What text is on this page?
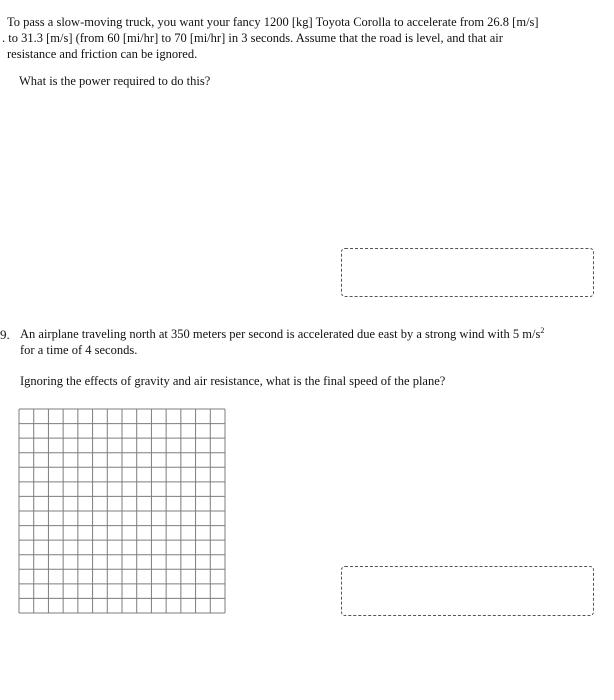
To pass a slow-moving truck, you want your fancy 1200 [kg] Toyota Corolla to accelerate from 26.8 [m/s]
. to 31.3 [m/s] (from 60 [mi/hr] to 70 [mi/hr] in 3 seconds. Assume that the road is level, and that air
resistance and friction can be ignored.
What is the power required to do this?
9. An airplane traveling north at 350 meters per second is accelerated due east by a strong wind with 5 $m/s^2$
for a time of 4 seconds.
Ignoring the effects of gravity and air resistance, what is the final speed of the plane?
